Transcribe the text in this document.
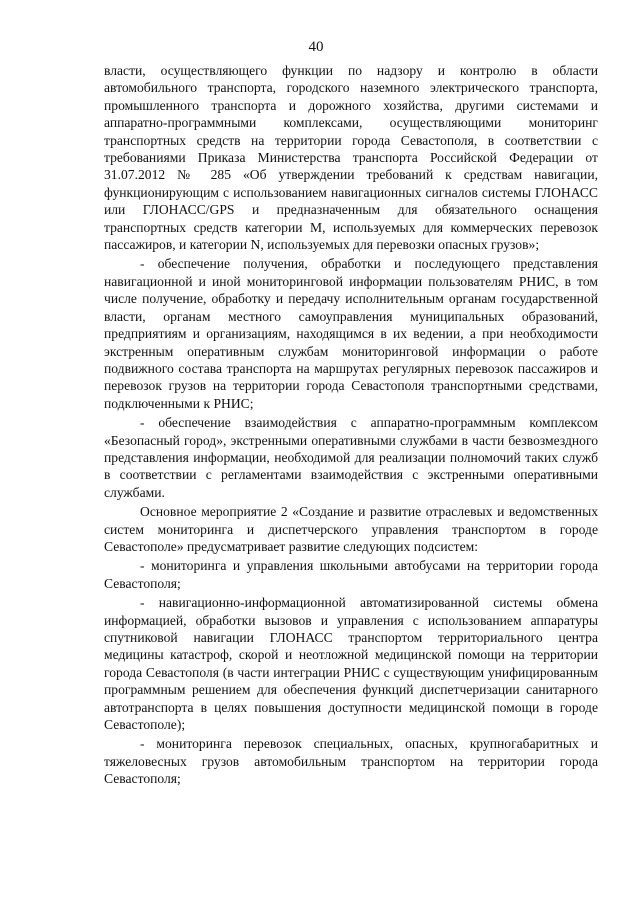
40

власти, осуществляющего функции по надзору и контролю в области автомобильного транспорта, городского наземного электрического транспорта, промышленного транспорта и дорожного хозяйства, другими системами и аппаратно-программными комплексами, осуществляющими мониторинг транспортных средств на территории города Севастополя, в соответствии с требованиями Приказа Министерства транспорта Российской Федерации от 31.07.2012 № 285 «Об утверждении требований к средствам навигации, функционирующим с использованием навигационных сигналов системы ГЛОНАСС или ГЛОНАСС/GPS и предназначенным для обязательного оснащения транспортных средств категории М, используемых для коммерческих перевозок пассажиров, и категории N, используемых для перевозки опасных грузов»;

- обеспечение получения, обработки и последующего представления навигационной и иной мониторинговой информации пользователям РНИС, в том числе получение, обработку и передачу исполнительным органам государственной власти, органам местного самоуправления муниципальных образований, предприятиям и организациям, находящимся в их ведении, а при необходимости экстренным оперативным службам мониторинговой информации о работе подвижного состава транспорта на маршрутах регулярных перевозок пассажиров и перевозок грузов на территории города Севастополя транспортными средствами, подключенными к РНИС;

- обеспечение взаимодействия с аппаратно-программным комплексом «Безопасный город», экстренными оперативными службами в части безвозмездного представления информации, необходимой для реализации полномочий таких служб в соответствии с регламентами взаимодействия с экстренными оперативными службами.

Основное мероприятие 2 «Создание и развитие отраслевых и ведомственных систем мониторинга и диспетчерского управления транспортом в городе Севастополе» предусматривает развитие следующих подсистем:

- мониторинга и управления школьными автобусами на территории города Севастополя;

- навигационно-информационной автоматизированной системы обмена информацией, обработки вызовов и управления с использованием аппаратуры спутниковой навигации ГЛОНАСС транспортом территориального центра медицины катастроф, скорой и неотложной медицинской помощи на территории города Севастополя (в части интеграции РНИС с существующим унифицированным программным решением для обеспечения функций диспетчеризации санитарного автотранспорта в целях повышения доступности медицинской помощи в городе Севастополе);

- мониторинга перевозок специальных, опасных, крупногабаритных и тяжеловесных грузов автомобильным транспортом на территории города Севастополя;
